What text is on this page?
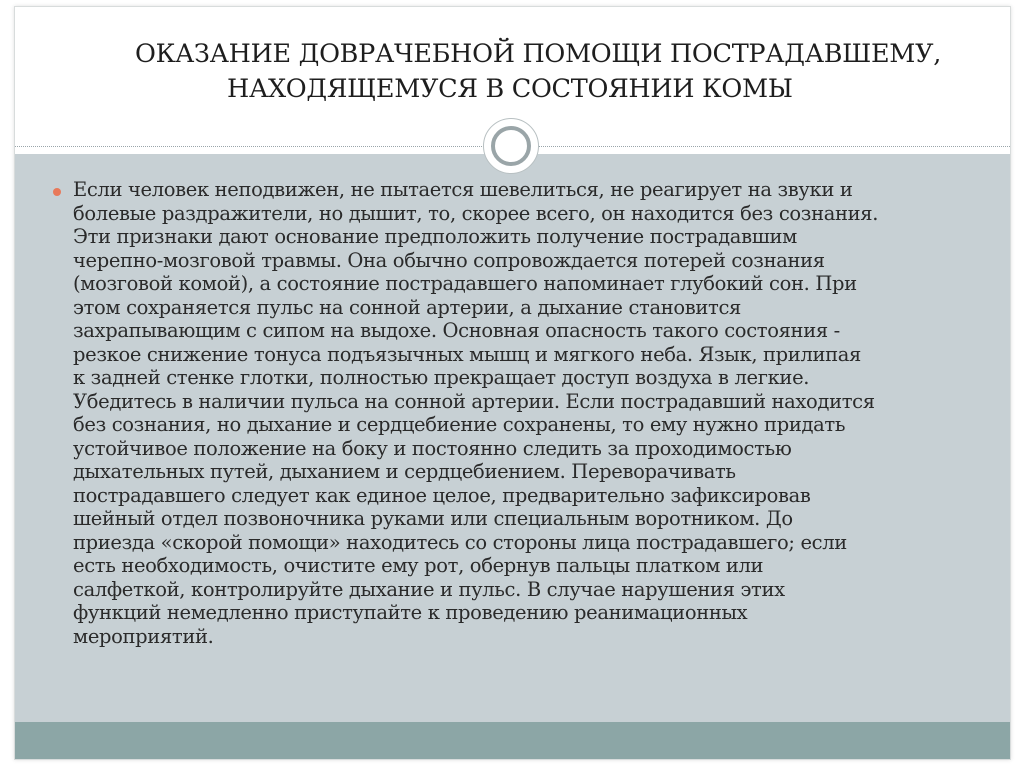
ОКАЗАНИЕ ДОВРАЧЕБНОЙ ПОМОЩИ ПОСТРАДАВШЕМУ,
НАХОДЯЩЕМУСЯ В СОСТОЯНИИ КОМЫ

Если человек неподвижен, не пытается шевелиться, не реагирует на звуки и
болевые раздражители, но дышит, то, скорее всего, он находится без сознания.
Эти признаки дают основание предположить получение пострадавшим
черепно-мозговой травмы. Она обычно сопровождается потерей сознания
(мозговой комой), а состояние пострадавшего напоминает глубокий сон. При
этом сохраняется пульс на сонной артерии, а дыхание становится
захрапывающим с сипом на выдохе. Основная опасность такого состояния -
резкое снижение тонуса подъязычных мышц и мягкого неба. Язык, прилипая
к задней стенке глотки, полностью прекращает доступ воздуха в легкие.
Убедитесь в наличии пульса на сонной артерии. Если пострадавший находится
без сознания, но дыхание и сердцебиение сохранены, то ему нужно придать
устойчивое положение на боку и постоянно следить за проходимостью
дыхательных путей, дыханием и сердцебиением. Переворачивать
пострадавшего следует как единое целое, предварительно зафиксировав
шейный отдел позвоночника руками или специальным воротником. До
приезда «скорой помощи» находитесь со стороны лица пострадавшего; если
есть необходимость, очистите ему рот, обернув пальцы платком или
салфеткой, контролируйте дыхание и пульс. В случае нарушения этих
функций немедленно приступайте к проведению реанимационных
мероприятий.
